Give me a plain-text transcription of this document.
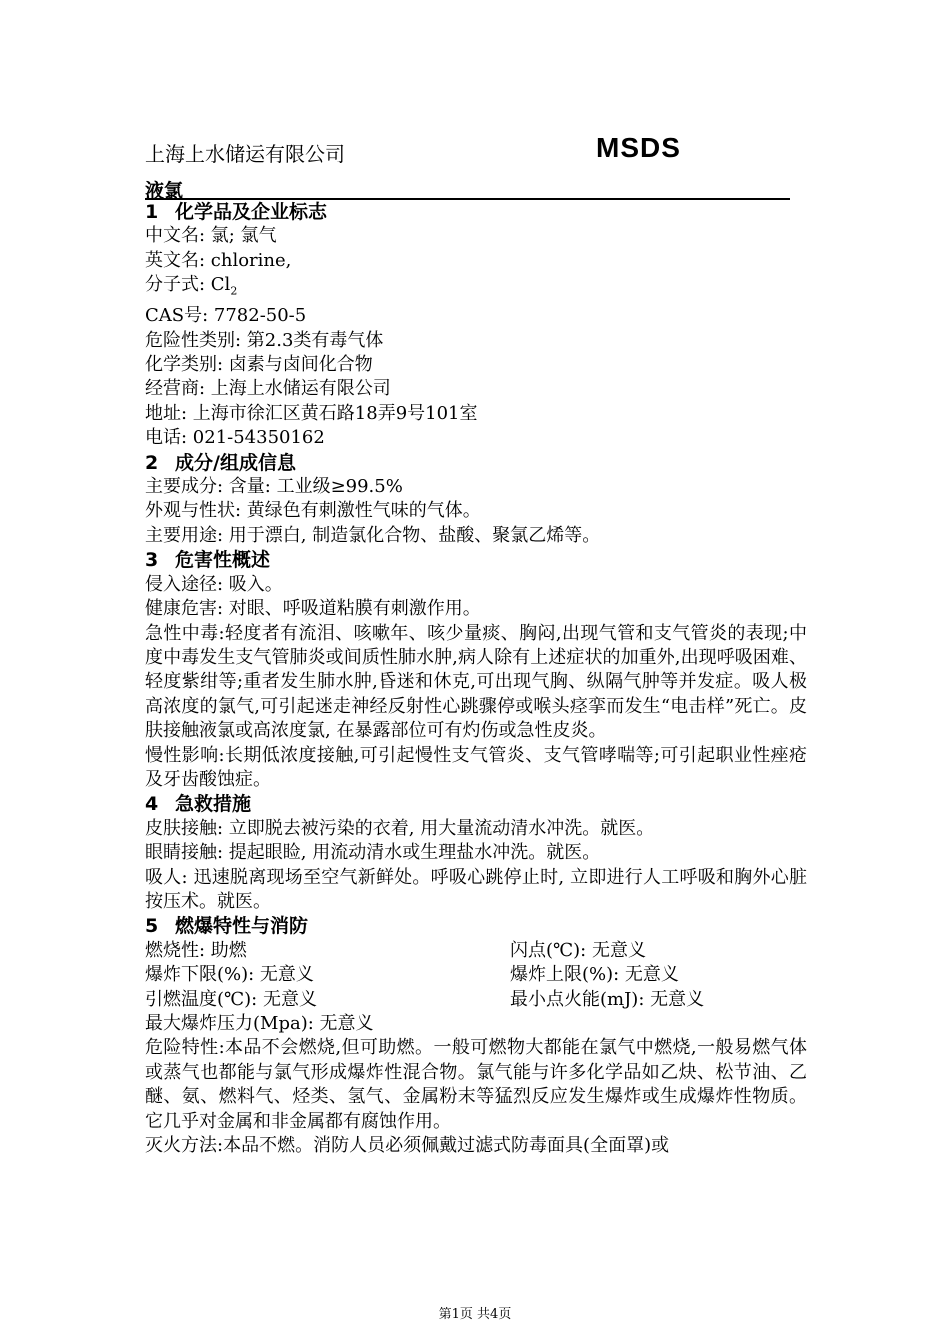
上海上水储运有限公司	MSDS
液氯
1 化学品及企业标志
中文名: 氯; 氯气
英文名: chlorine,
分子式: $Cl_2$
CAS号: 7782-50-5
危险性类别: 第2.3类有毒气体
化学类别: 卤素与卤间化合物
经营商: 上海上水储运有限公司
地址: 上海市徐汇区黄石路18弄9号101室
电话: 021-54350162
2 成分/组成信息
主要成分: 含量: 工业级≥99.5%
外观与性状: 黄绿色有刺激性气味的气体。
主要用途: 用于漂白, 制造氯化合物、盐酸、聚氯乙烯等。
3 危害性概述
侵入途径: 吸入。
健康危害: 对眼、呼吸道粘膜有刺激作用。
急性中毒:轻度者有流泪、咳嗽年、咳少量痰、胸闷,出现气管和支气管炎的表现;中度中毒发生支气管肺炎或间质性肺水肿,病人除有上述症状的加重外,出现呼吸困难、轻度紫绀等;重者发生肺水肿,昏迷和休克,可出现气胸、纵隔气肿等并发症。吸人极高浓度的氯气,可引起迷走神经反射性心跳骤停或喉头痉挛而发生“电击样”死亡。皮肤接触液氯或高浓度氯, 在暴露部位可有灼伤或急性皮炎。
慢性影响:长期低浓度接触,可引起慢性支气管炎、支气管哮喘等;可引起职业性痤疮及牙齿酸蚀症。
4 急救措施
皮肤接触: 立即脱去被污染的衣着, 用大量流动清水冲洗。就医。
眼睛接触: 提起眼睑, 用流动清水或生理盐水冲洗。就医。
吸人: 迅速脱离现场至空气新鲜处。呼吸心跳停止时, 立即进行人工呼吸和胸外心脏按压术。就医。
5 燃爆特性与消防
燃烧性: 助燃	闪点(℃): 无意义
爆炸下限(%): 无意义	爆炸上限(%): 无意义
引燃温度(℃): 无意义	最小点火能(mJ): 无意义
最大爆炸压力(Mpa): 无意义
危险特性:本品不会燃烧,但可助燃。一般可燃物大都能在氯气中燃烧,一般易燃气体或蒸气也都能与氯气形成爆炸性混合物。氯气能与许多化学品如乙炔、松节油、乙醚、氨、燃料气、烃类、氢气、金属粉末等猛烈反应发生爆炸或生成爆炸性物质。它几乎对金属和非金属都有腐蚀作用。
灭火方法:本品不燃。消防人员必须佩戴过滤式防毒面具(全面罩)或
第1页 共4页
